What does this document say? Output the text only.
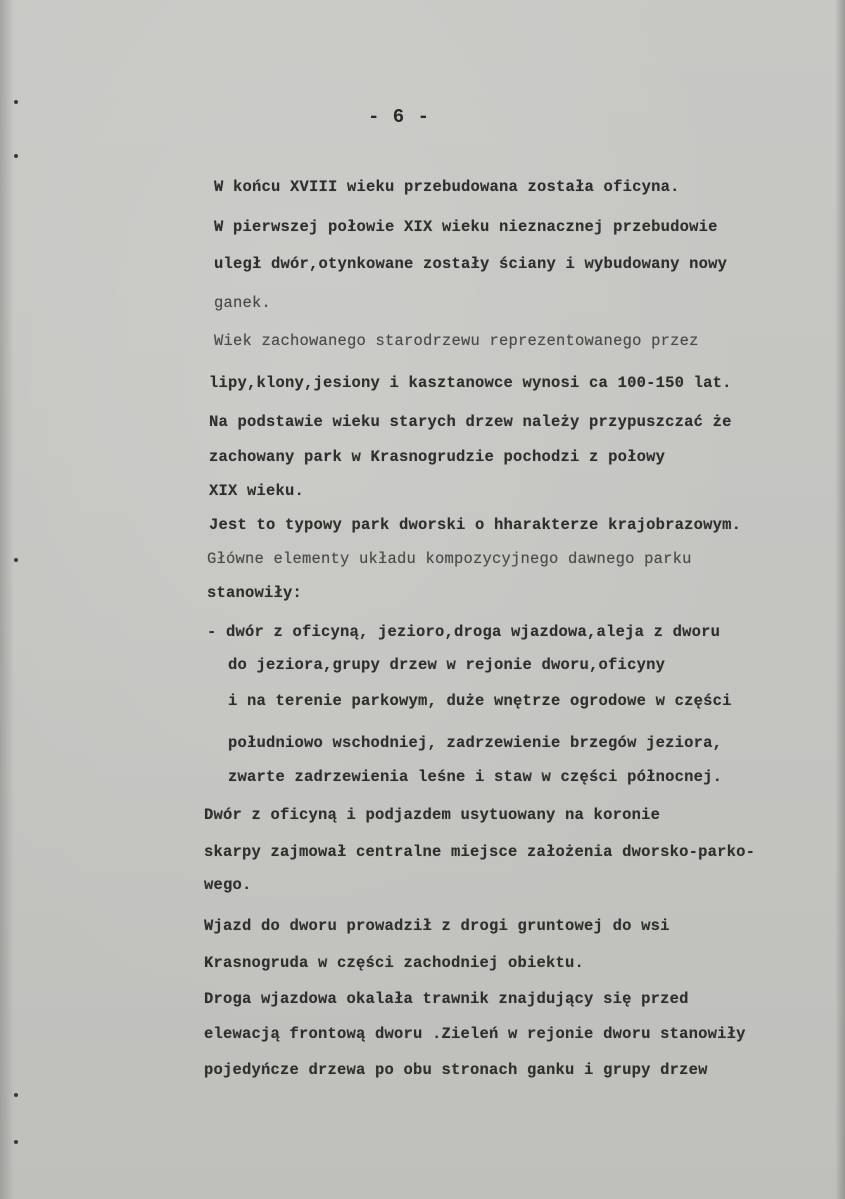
- 6 -
W końcu XVIII wieku przebudowana została oficyna.
W pierwszej połowie XIX wieku nieznacznej przebudowie
uległ dwór,otynkowane zostały ściany i wybudowany nowy
ganek.
Wiek zachowanego starodrzewu reprezentowanego przez
lipy,klony,jesiony i kasztanowce wynosi ca 100-150 lat.
Na podstawie wieku starych drzew należy przypuszczać że
zachowany park w Krasnogrudzie pochodzi z połowy
XIX wieku.
Jest to typowy park dworski o hharakterze krajobrazowym.
Główne elementy układu kompozycyjnego dawnego parku
stanowiły:
- dwór z oficyną, jezioro,droga wjazdowa,aleja z dworu
do jeziora,grupy drzew w rejonie dworu,oficyny
i na terenie parkowym, duże wnętrze ogrodowe w części
południowo wschodniej, zadrzewienie brzegów jeziora,
zwarte zadrzewienia leśne i staw w części północnej.
Dwór z oficyną i podjazdem usytuowany na koronie
skarpy zajmował centralne miejsce założenia dworsko-parko-
wego.
Wjazd do dworu prowadził z drogi gruntowej do wsi
Krasnogruda w części zachodniej obiektu.
Droga wjazdowa okalała trawnik znajdujący się przed
elewacją frontową dworu .Zieleń w rejonie dworu stanowiły
pojedyńcze drzewa po obu stronach ganku i grupy drzew
